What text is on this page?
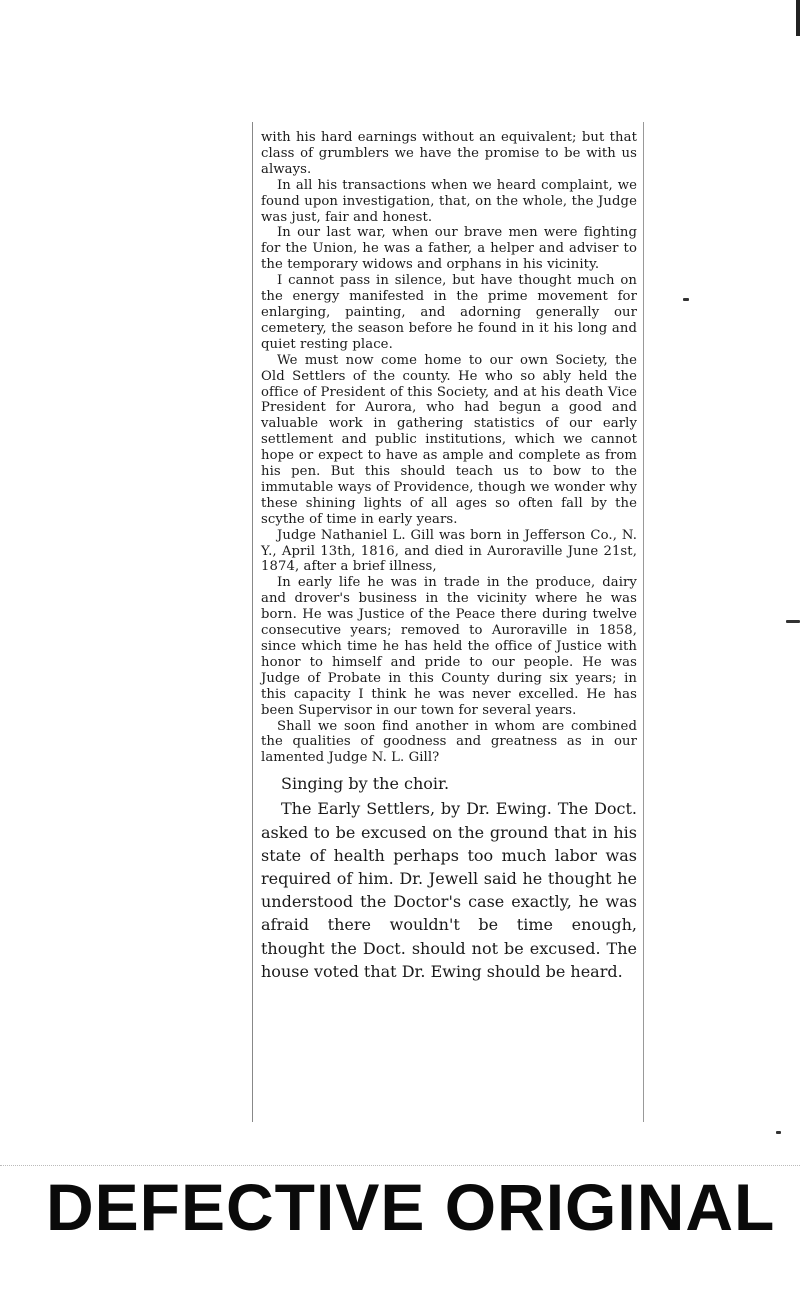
with his hard earnings without an equivalent; but that class of grumblers we have the promise to be with us always.

In all his transactions when we heard complaint, we found upon investigation, that, on the whole, the Judge was just, fair and honest.

In our last war, when our brave men were fighting for the Union, he was a father, a helper and adviser to the temporary widows and orphans in his vicinity.

I cannot pass in silence, but have thought much on the energy manifested in the prime movement for enlarging, painting, and adorning generally our cemetery, the season before he found in it his long and quiet resting place.

We must now come home to our own Society, the Old Settlers of the county. He who so ably held the office of President of this Society, and at his death Vice President for Aurora, who had begun a good and valuable work in gathering statistics of our early settlement and public institutions, which we cannot hope or expect to have as ample and complete as from his pen. But this should teach us to bow to the immutable ways of Providence, though we wonder why these shining lights of all ages so often fall by the scythe of time in early years.

Judge Nathaniel L. Gill was born in Jefferson Co., N. Y., April 13th, 1816, and died in Auroraville June 21st, 1874, after a brief illness,

In early life he was in trade in the produce, dairy and drover's business in the vicinity where he was born. He was Justice of the Peace there during twelve consecutive years; removed to Auroraville in 1858, since which time he has held the office of Justice with honor to himself and pride to our people. He was Judge of Probate in this County during six years; in this capacity I think he was never excelled. He has been Supervisor in our town for several years.

Shall we soon find another in whom are combined the qualities of goodness and greatness as in our lamented Judge N. L. Gill?

Singing by the choir.

The Early Settlers, by Dr. Ewing. The Doct. asked to be excused on the ground that in his state of health perhaps too much labor was required of him. Dr. Jewell said he thought he understood the Doctor's case exactly, he was afraid there wouldn't be time enough, thought the Doct. should not be excused. The house voted that Dr. Ewing should be heard.

DEFECTIVE ORIGINAL
